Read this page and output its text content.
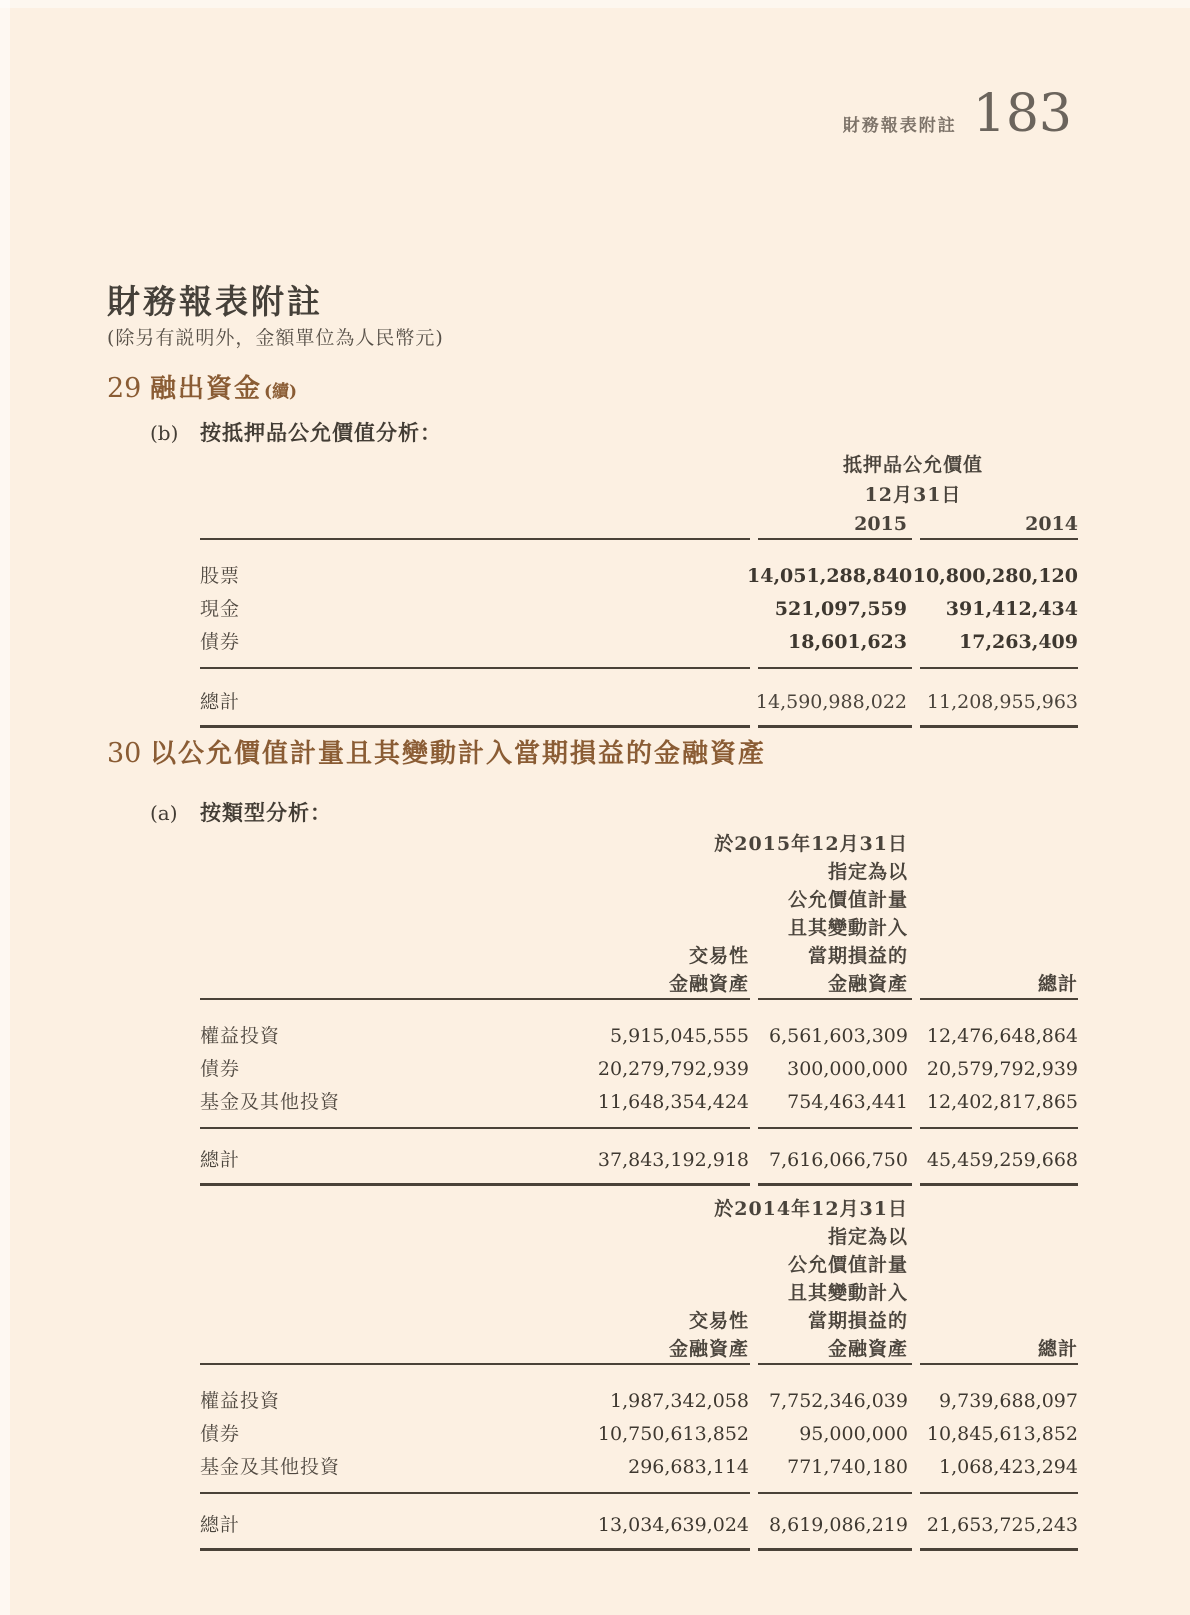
財務報表附註 183
財務報表附註
(除另有説明外，金額單位為人民幣元)
29 融出資金 (續)
(b)	按抵押品公允價值分析：
抵押品公允價值
12月31日
2015	2014
股票	14,051,288,840 10,800,280,120
現金	521,097,559	391,412,434
債券	18,601,623	17,263,409
總計	14,590,988,022	11,208,955,963
30 以公允價值計量且其變動計入當期損益的金融資產
(a)	按類型分析：
於2015年12月31日
指定為以
公允價值計量
且其變動計入
當期損益的
金融資產
交易性
金融資產	總計
權益投資	5,915,045,555	6,561,603,309 12,476,648,864
債券	20,279,792,939	300,000,000 20,579,792,939
基金及其他投資	11,648,354,424	754,463,441 12,402,817,865
總計	37,843,192,918	7,616,066,750 45,459,259,668
於2014年12月31日
指定為以
公允價值計量
且其變動計入
當期損益的
金融資產
交易性
金融資產	總計
權益投資	1,987,342,058	7,752,346,039	9,739,688,097
債券	10,750,613,852	95,000,000 10,845,613,852
基金及其他投資	296,683,114	771,740,180	1,068,423,294
總計	13,034,639,024	8,619,086,219 21,653,725,243
